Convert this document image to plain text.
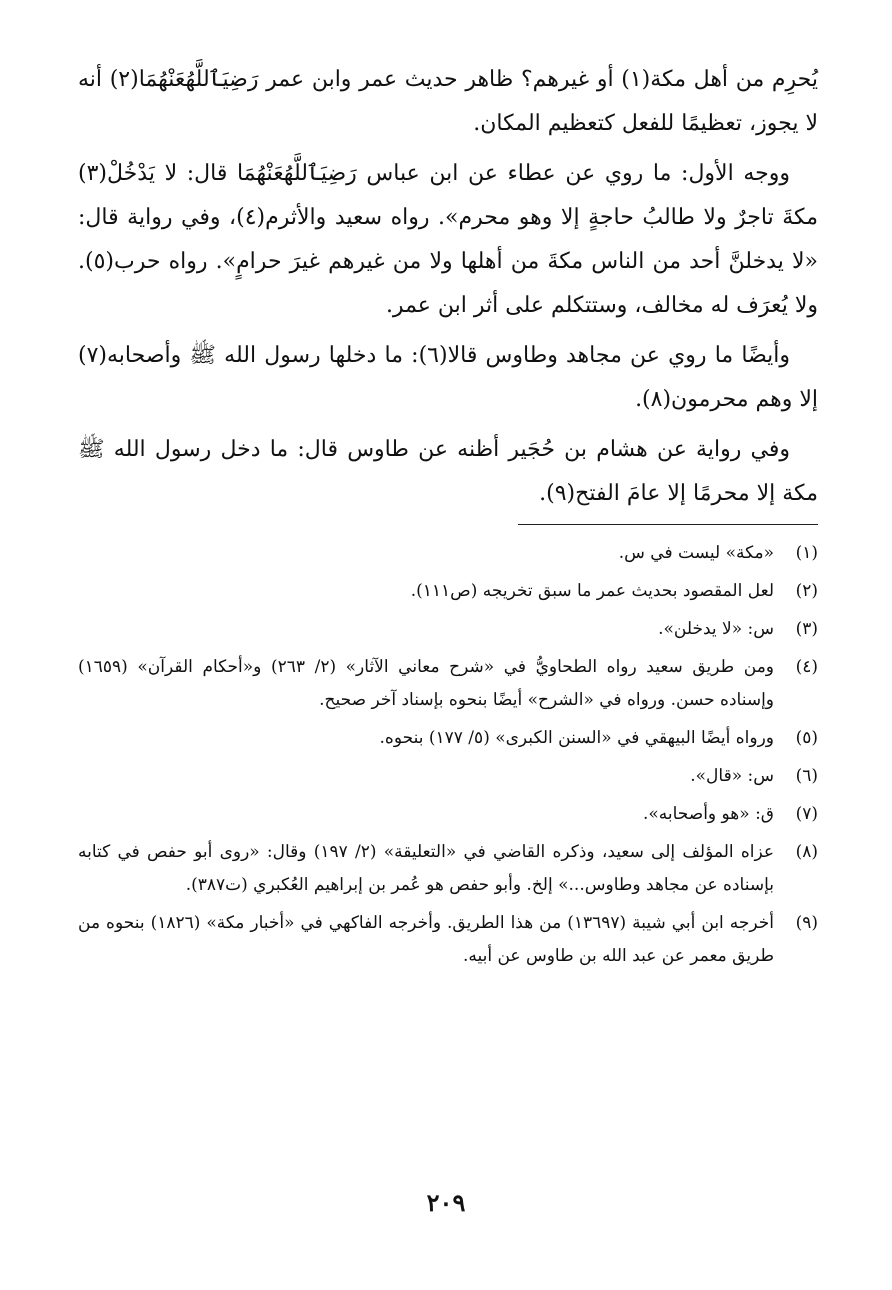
يُحرِم من أهل مكة(١) أو غيرهم؟ ظاهر حديث عمر وابن عمر رَضِيَٱللَّهُعَنْهُمَا(٢) أنه لا يجوز، تعظيمًا للفعل كتعظيم المكان.

ووجه الأول: ما روي عن عطاء عن ابن عباس رَضِيَٱللَّهُعَنْهُمَا قال: لا يَدْخُلْ(٣) مكةَ تاجرٌ ولا طالبُ حاجةٍ إلا وهو محرم». رواه سعيد والأثرم(٤)، وفي رواية قال: «لا يدخلنَّ أحد من الناس مكةَ من أهلها ولا من غيرهم غيرَ حرامٍ». رواه حرب(٥). ولا يُعرَف له مخالف، وستتكلم على أثر ابن عمر.

وأيضًا ما روي عن مجاهد وطاوس قالا(٦): ما دخلها رسول الله ﷺ وأصحابه(٧) إلا وهم محرمون(٨).

وفي رواية عن هشام بن حُجَير أظنه عن طاوس قال: ما دخل رسول الله ﷺ مكة إلا محرمًا إلا عامَ الفتح(٩).

(١)
«مكة» ليست في س.
(٢)
لعل المقصود بحديث عمر ما سبق تخريجه (ص١١١).
(٣)
س: «لا يدخلن».
(٤)
ومن طريق سعيد رواه الطحاويُّ في «شرح معاني الآثار» (٢/ ٢٦٣) و«أحكام القرآن» (١٦٥٩) وإسناده حسن. ورواه في «الشرح» أيضًا بنحوه بإسناد آخر صحيح.
(٥)
ورواه أيضًا البيهقي في «السنن الكبرى» (٥/ ١٧٧) بنحوه.
(٦)
س: «قال».
(٧)
ق: «هو وأصحابه».
(٨)
عزاه المؤلف إلى سعيد، وذكره القاضي في «التعليقة» (٢/ ١٩٧) وقال: «روى أبو حفص في كتابه بإسناده عن مجاهد وطاوس...» إلخ. وأبو حفص هو عُمر بن إبراهيم العُكبري (ت٣٨٧).
(٩)
أخرجه ابن أبي شيبة (١٣٦٩٧) من هذا الطريق. وأخرجه الفاكهي في «أخبار مكة» (١٨٢٦) بنحوه من طريق معمر عن عبد الله بن طاوس عن أبيه.
٢٠٩
